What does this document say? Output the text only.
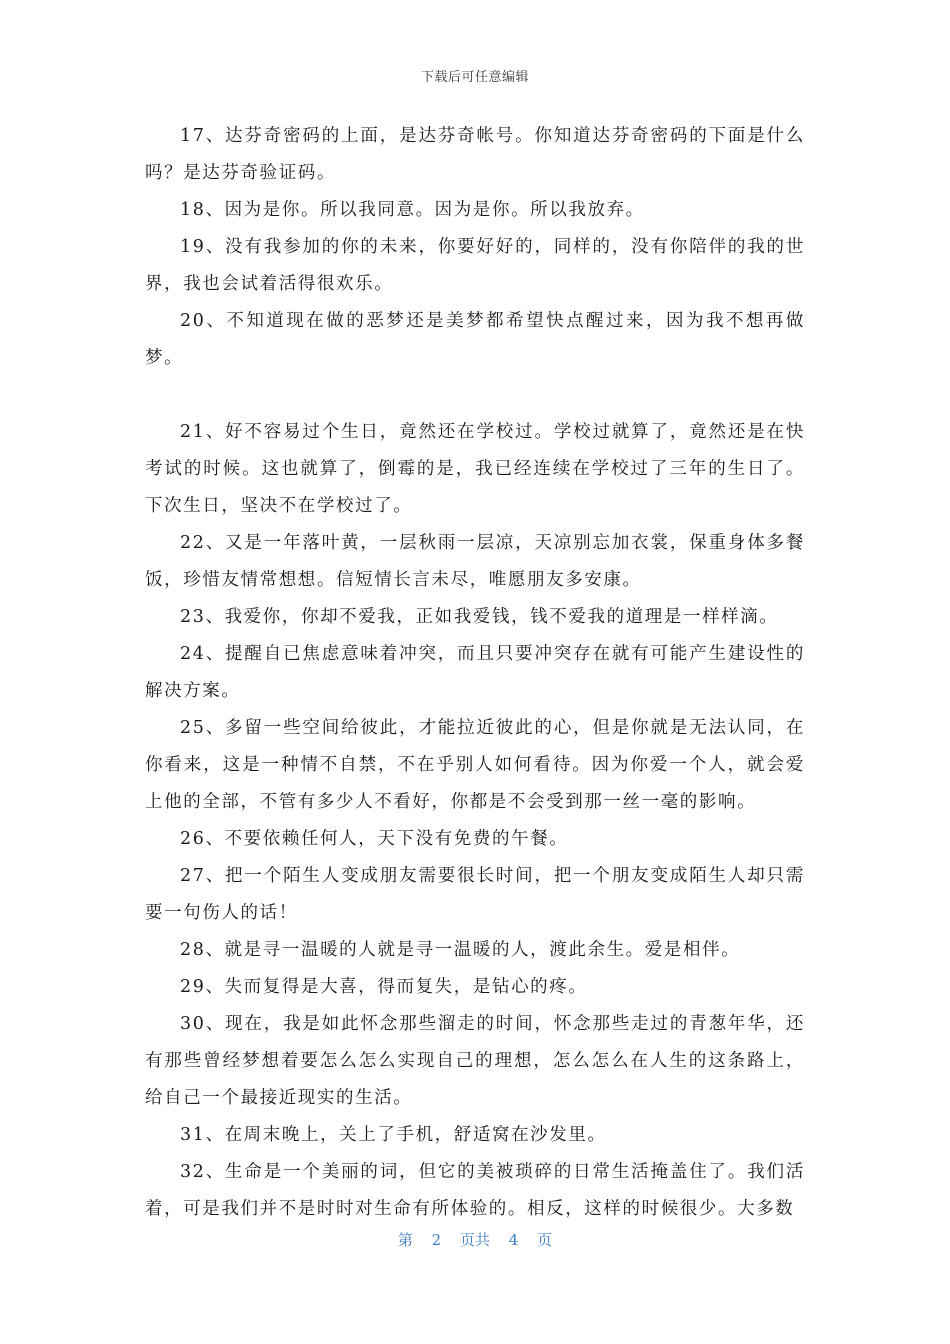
下载后可任意编辑

17、达芬奇密码的上面，是达芬奇帐号。你知道达芬奇密码的下面是什么吗？是达芬奇验证码。

18、因为是你。所以我同意。因为是你。所以我放弃。

19、没有我参加的你的未来，你要好好的，同样的，没有你陪伴的我的世界，我也会试着活得很欢乐。

20、不知道现在做的恶梦还是美梦都希望快点醒过来，因为我不想再做梦。

21、好不容易过个生日，竟然还在学校过。学校过就算了，竟然还是在快考试的时候。这也就算了，倒霉的是，我已经连续在学校过了三年的生日了。下次生日，坚决不在学校过了。

22、又是一年落叶黄，一层秋雨一层凉，天凉别忘加衣裳，保重身体多餐饭，珍惜友情常想想。信短情长言未尽，唯愿朋友多安康。

23、我爱你，你却不爱我，正如我爱钱，钱不爱我的道理是一样样滴。

24、提醒自已焦虑意味着冲突，而且只要冲突存在就有可能产生建设性的解决方案。

25、多留一些空间给彼此，才能拉近彼此的心，但是你就是无法认同，在你看来，这是一种情不自禁，不在乎别人如何看待。因为你爱一个人，就会爱上他的全部，不管有多少人不看好，你都是不会受到那一丝一毫的影响。

26、不要依赖任何人，天下没有免费的午餐。

27、把一个陌生人变成朋友需要很长时间，把一个朋友变成陌生人却只需要一句伤人的话！

28、就是寻一温暖的人就是寻一温暖的人，渡此余生。爱是相伴。

29、失而复得是大喜，得而复失，是钻心的疼。

30、现在，我是如此怀念那些溜走的时间，怀念那些走过的青葱年华，还有那些曾经梦想着要怎么怎么实现自己的理想，怎么怎么在人生的这条路上，给自己一个最接近现实的生活。

31、在周末晚上，关上了手机，舒适窝在沙发里。

32、生命是一个美丽的词，但它的美被琐碎的日常生活掩盖住了。我们活着，可是我们并不是时时对生命有所体验的。相反，这样的时候很少。大多数

第 2 页共 4 页
